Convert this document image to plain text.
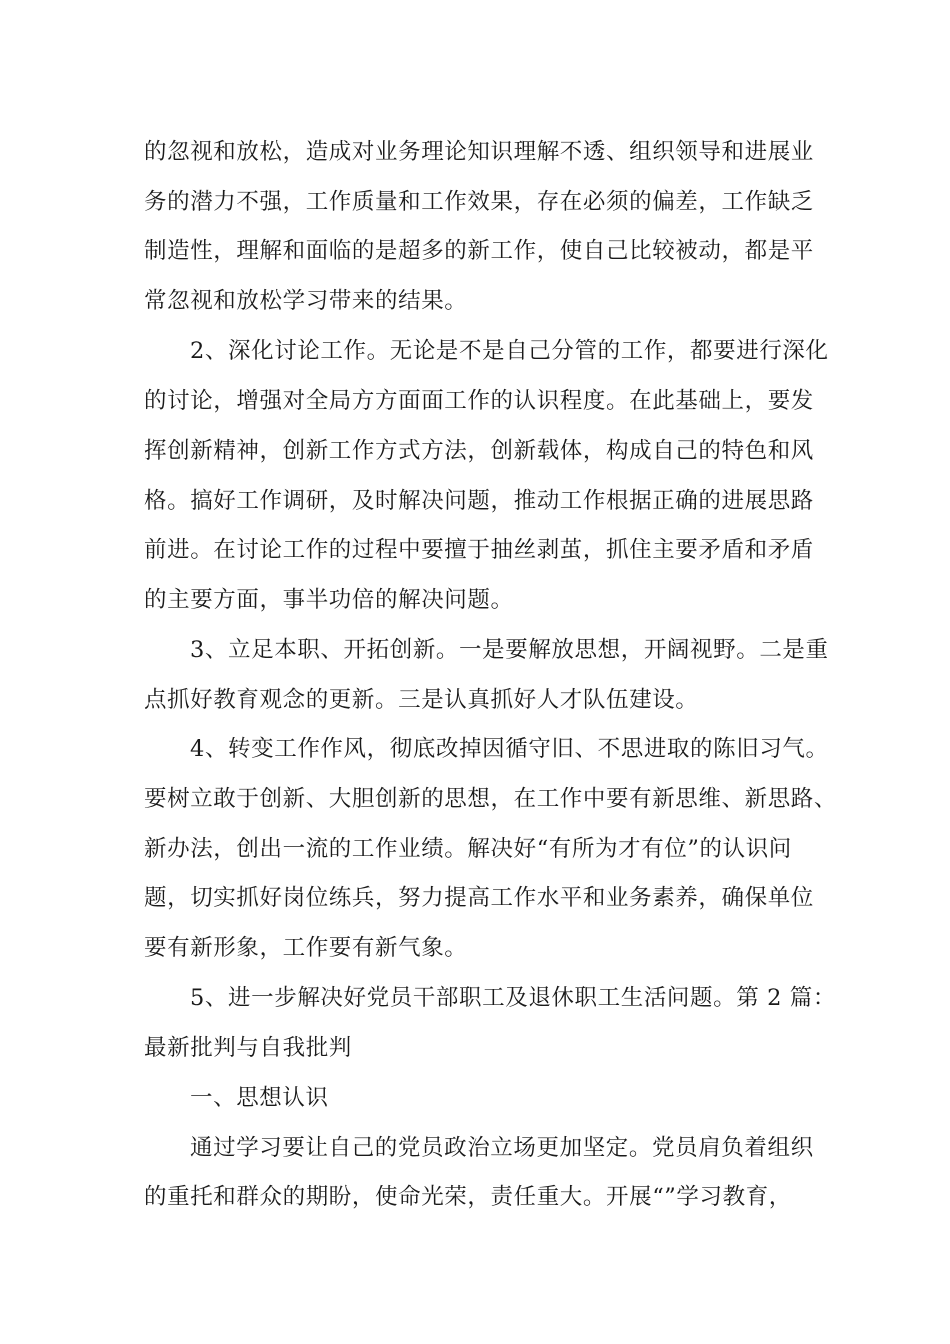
的忽视和放松，造成对业务理论知识理解不透、组织领导和进展业
务的潜力不强，工作质量和工作效果，存在必须的偏差，工作缺乏
制造性，理解和面临的是超多的新工作，使自己比较被动，都是平
常忽视和放松学习带来的结果。
2、深化讨论工作。无论是不是自己分管的工作，都要进行深化
的讨论，增强对全局方方面面工作的认识程度。在此基础上，要发
挥创新精神，创新工作方式方法，创新载体，构成自己的特色和风
格。搞好工作调研，及时解决问题，推动工作根据正确的进展思路
前进。在讨论工作的过程中要擅于抽丝剥茧，抓住主要矛盾和矛盾
的主要方面，事半功倍的解决问题。
3、立足本职、开拓创新。一是要解放思想，开阔视野。二是重
点抓好教育观念的更新。三是认真抓好人才队伍建设。
4、转变工作作风，彻底改掉因循守旧、不思进取的陈旧习气。
要树立敢于创新、大胆创新的思想，在工作中要有新思维、新思路、
新办法，创出一流的工作业绩。解决好“有所为才有位”的认识问
题，切实抓好岗位练兵，努力提高工作水平和业务素养，确保单位
要有新形象，工作要有新气象。
5、进一步解决好党员干部职工及退休职工生活问题。第 2 篇：
最新批判与自我批判
一、思想认识
通过学习要让自己的党员政治立场更加坚定。党员肩负着组织
的重托和群众的期盼，使命光荣，责任重大。开展“”学习教育，
